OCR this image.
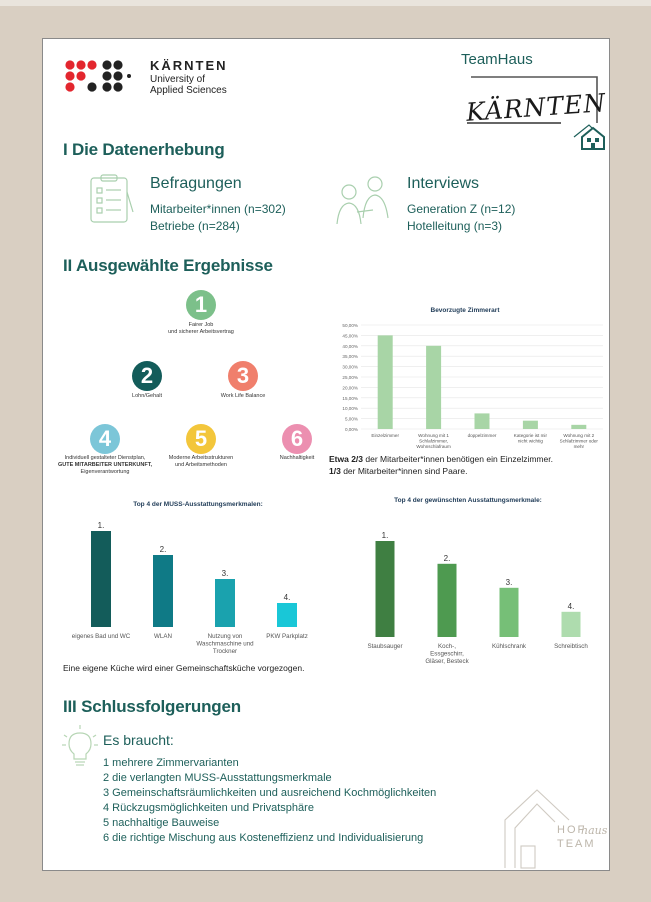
KÄRNTEN
University of
Applied Sciences
TeamHaus
KÄRNTEN
I Die Datenerhebung
Befragungen
Mitarbeiter*innen (n=302)
Betriebe (n=284)
Interviews
Generation Z (n=12)
Hotelleitung (n=3)
II Ausgewählte Ergebnisse
1
Fairer Job
und sicherer Arbeitsvertrag
2
Lohn/Gehalt
3
Work Life Balance
4
Individuell gestalteter Dienstplan,
GUTE MITARBEITER UNTERKUNFT,
Eigenverantwortung
5
Moderne Arbeitsstrukturen
und Arbeitsmethoden
6
Nachhaltigkeit
Bevorzugte Zimmerart
0,00%
5,00%
10,00%
15,00%
20,00%
25,00%
30,00%
35,00%
40,00%
45,00%
50,00%
Einzelzimmer	Wohnung mit 1
Schlafzimmer,
Wohnschlafraum
doppelzimmer	Kategorie ist mir
nicht wichtig
Wohnung mit 2
Schlafzimmer oder
mehr
Etwa 2/3 der Mitarbeiter*innen benötigen ein Einzelzimmer.
1/3 der Mitarbeiter*innen sind Paare.
Top 4 der MUSS-Ausstattungsmerkmalen:
1.
eigenes Bad und WC
2.
WLAN
3.
Nutzung von
Waschmaschine und
Trockner
4.
PKW Parkplatz
Top 4 der gewünschten Ausstattungsmerkmale:
1.
Staubsauger
2.
Koch-,
Essgeschirr,
Gläser, Besteck
3.
Kühlschrank
4.
Schreibtisch
Eine eigene Küche wird einer Gemeinschaftsküche vorgezogen.
III Schlussfolgerungen
Es braucht:
1 mehrere Zimmervarianten
2 die verlangten MUSS-Ausstattungsmerkmale
3 Gemeinschaftsräumlichkeiten und ausreichend Kochmöglichkeiten
4 Rückzugsmöglichkeiten und Privatsphäre
5 nachhaltige Bauweise
6 die richtige Mischung aus Kosteneffizienz und Individualisierung
HOF
TEAM
haus
